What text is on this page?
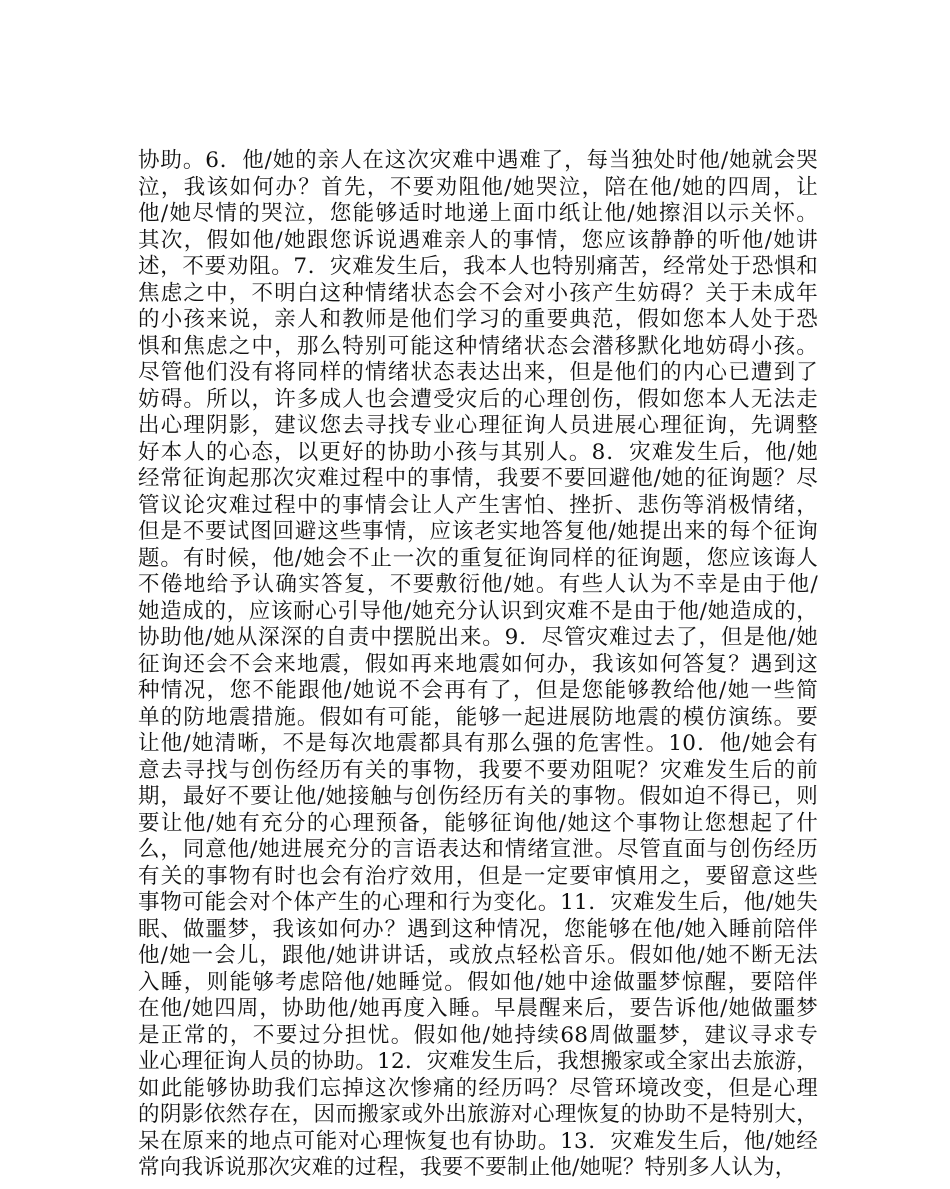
协助。6．他/她的亲人在这次灾难中遇难了，每当独处时他/她就会哭
泣，我该如何办？首先，不要劝阻他/她哭泣，陪在他/她的四周，让
他/她尽情的哭泣，您能够适时地递上面巾纸让他/她擦泪以示关怀。
其次，假如他/她跟您诉说遇难亲人的事情，您应该静静的听他/她讲
述，不要劝阻。7．灾难发生后，我本人也特别痛苦，经常处于恐惧和
焦虑之中，不明白这种情绪状态会不会对小孩产生妨碍？关于未成年
的小孩来说，亲人和教师是他们学习的重要典范，假如您本人处于恐
惧和焦虑之中，那么特别可能这种情绪状态会潜移默化地妨碍小孩。
尽管他们没有将同样的情绪状态表达出来，但是他们的内心已遭到了
妨碍。所以，许多成人也会遭受灾后的心理创伤，假如您本人无法走
出心理阴影，建议您去寻找专业心理征询人员进展心理征询，先调整
好本人的心态，以更好的协助小孩与其别人。8．灾难发生后，他/她
经常征询起那次灾难过程中的事情，我要不要回避他/她的征询题？尽
管议论灾难过程中的事情会让人产生害怕、挫折、悲伤等消极情绪，
但是不要试图回避这些事情，应该老实地答复他/她提出来的每个征询
题。有时候，他/她会不止一次的重复征询同样的征询题，您应该诲人
不倦地给予认确实答复，不要敷衍他/她。有些人认为不幸是由于他/
她造成的，应该耐心引导他/她充分认识到灾难不是由于他/她造成的，
协助他/她从深深的自责中摆脱出来。9．尽管灾难过去了，但是他/她
征询还会不会来地震，假如再来地震如何办，我该如何答复？遇到这
种情况，您不能跟他/她说不会再有了，但是您能够教给他/她一些简
单的防地震措施。假如有可能，能够一起进展防地震的模仿演练。要
让他/她清晰，不是每次地震都具有那么强的危害性。10．他/她会有
意去寻找与创伤经历有关的事物，我要不要劝阻呢？灾难发生后的前
期，最好不要让他/她接触与创伤经历有关的事物。假如迫不得已，则
要让他/她有充分的心理预备，能够征询他/她这个事物让您想起了什
么，同意他/她进展充分的言语表达和情绪宣泄。尽管直面与创伤经历
有关的事物有时也会有治疗效用，但是一定要审慎用之，要留意这些
事物可能会对个体产生的心理和行为变化。11．灾难发生后，他/她失
眠、做噩梦，我该如何办？遇到这种情况，您能够在他/她入睡前陪伴
他/她一会儿，跟他/她讲讲话，或放点轻松音乐。假如他/她不断无法
入睡，则能够考虑陪他/她睡觉。假如他/她中途做噩梦惊醒，要陪伴
在他/她四周，协助他/她再度入睡。早晨醒来后，要告诉他/她做噩梦
是正常的，不要过分担忧。假如他/她持续68周做噩梦，建议寻求专
业心理征询人员的协助。12．灾难发生后，我想搬家或全家出去旅游，
如此能够协助我们忘掉这次惨痛的经历吗？尽管环境改变，但是心理
的阴影依然存在，因而搬家或外出旅游对心理恢复的协助不是特别大，
呆在原来的地点可能对心理恢复也有协助。13．灾难发生后，他/她经
常向我诉说那次灾难的过程，我要不要制止他/她呢？特别多人认为，
